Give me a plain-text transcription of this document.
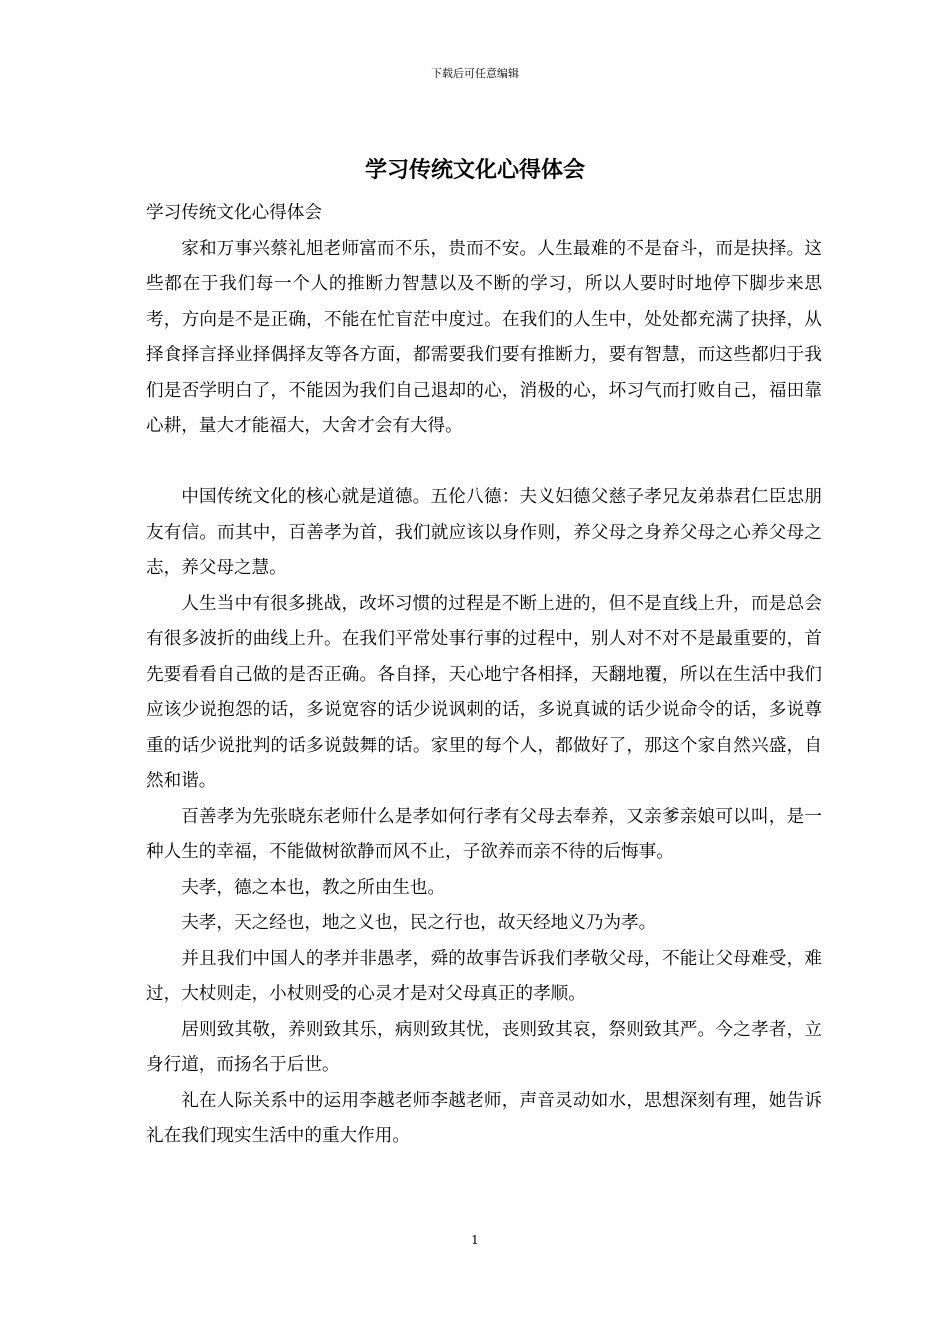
下载后可任意编辑
学习传统文化心得体会

学习传统文化心得体会

家和万事兴蔡礼旭老师富而不乐，贵而不安。人生最难的不是奋斗，而是抉择。这些都在于我们每一个人的推断力智慧以及不断的学习，所以人要时时地停下脚步来思考，方向是不是正确，不能在忙盲茫中度过。在我们的人生中，处处都充满了抉择，从择食择言择业择偶择友等各方面，都需要我们要有推断力，要有智慧，而这些都归于我们是否学明白了，不能因为我们自己退却的心，消极的心，坏习气而打败自己，福田靠心耕，量大才能福大，大舍才会有大得。

中国传统文化的核心就是道德。五伦八德：夫义妇德父慈子孝兄友弟恭君仁臣忠朋友有信。而其中，百善孝为首，我们就应该以身作则，养父母之身养父母之心养父母之志，养父母之慧。

人生当中有很多挑战，改坏习惯的过程是不断上进的，但不是直线上升，而是总会有很多波折的曲线上升。在我们平常处事行事的过程中，别人对不对不是最重要的，首先要看看自己做的是否正确。各自择，天心地宁各相择，天翻地覆，所以在生活中我们应该少说抱怨的话，多说宽容的话少说讽刺的话，多说真诚的话少说命令的话，多说尊重的话少说批判的话多说鼓舞的话。家里的每个人，都做好了，那这个家自然兴盛，自然和谐。

百善孝为先张晓东老师什么是孝如何行孝有父母去奉养，又亲爹亲娘可以叫，是一种人生的幸福，不能做树欲静而风不止，子欲养而亲不待的后悔事。

夫孝，德之本也，教之所由生也。

夫孝，天之经也，地之义也，民之行也，故天经地义乃为孝。

并且我们中国人的孝并非愚孝，舜的故事告诉我们孝敬父母，不能让父母难受，难过，大杖则走，小杖则受的心灵才是对父母真正的孝顺。

居则致其敬，养则致其乐，病则致其忧，丧则致其哀，祭则致其严。今之孝者，立身行道，而扬名于后世。

礼在人际关系中的运用李越老师李越老师，声音灵动如水，思想深刻有理，她告诉礼在我们现实生活中的重大作用。

1
